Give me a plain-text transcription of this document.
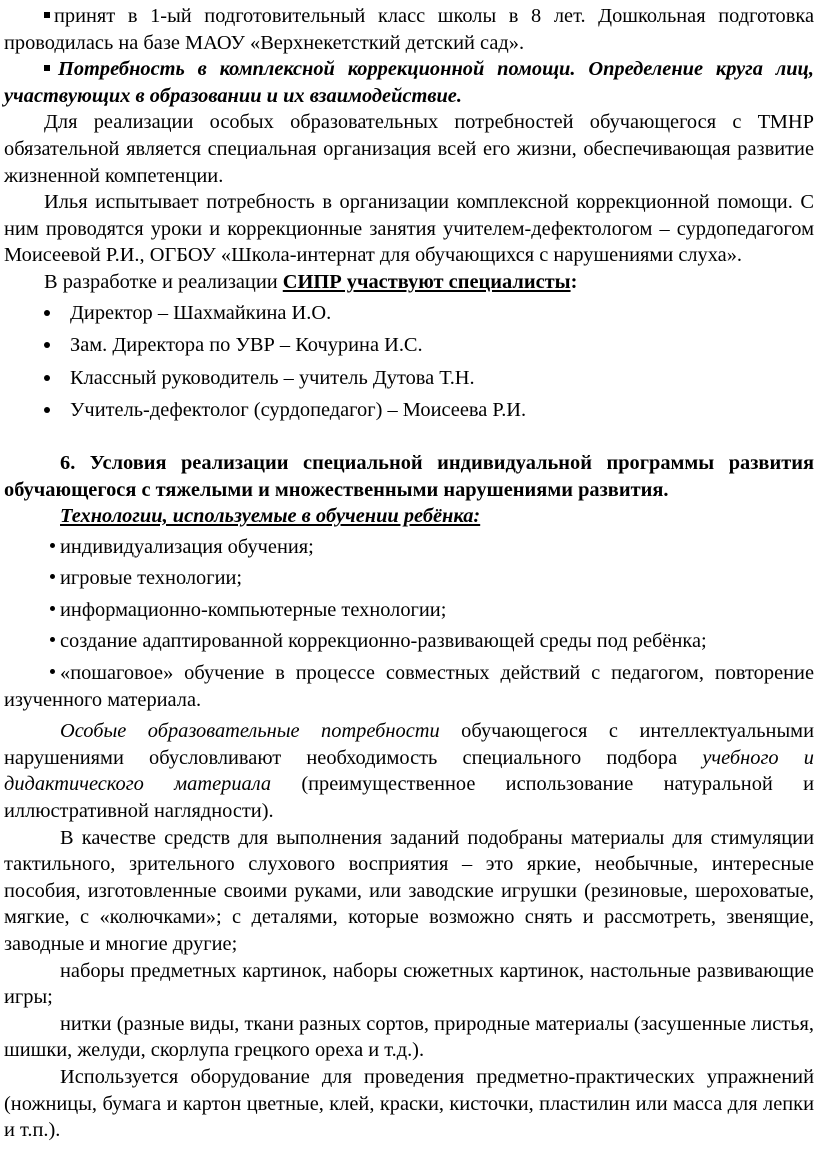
принят в 1-ый подготовительный класс школы в 8 лет. Дошкольная подготовка проводилась на базе МАОУ «Верхнекетсткий детский сад».

Потребность в комплексной коррекционной помощи. Определение круга лиц, участвующих в образовании и их взаимодействие.

Для реализации особых образовательных потребностей обучающегося с ТМНР обязательной является специальная организация всей его жизни, обеспечивающая развитие жизненной компетенции.

Илья испытывает потребность в организации комплексной коррекционной помощи. С ним проводятся уроки и коррекционные занятия учителем-дефектологом – сурдопедагогом Моисеевой Р.И., ОГБОУ «Школа-интернат для обучающихся с нарушениями слуха».

В разработке и реализации СИПР участвуют специалисты:

Директор – Шахмайкина И.О.
Зам. Директора по УВР – Кочурина И.С.
Классный руководитель – учитель Дутова Т.Н.
Учитель-дефектолог (сурдопедагог) – Моисеева Р.И.

6. Условия реализации специальной индивидуальной программы развития обучающегося с тяжелыми и множественными нарушениями развития.

Технологии, используемые в обучении ребёнка:

индивидуализация обучения;
игровые технологии;
информационно-компьютерные технологии;
создание адаптированной коррекционно-развивающей среды под ребёнка;
«пошаговое» обучение в процессе совместных действий с педагогом, повторение изученного материала.

Особые образовательные потребности обучающегося с интеллектуальными нарушениями обусловливают необходимость специального подбора учебного и дидактического материала (преимущественное использование натуральной и иллюстративной наглядности).

В качестве средств для выполнения заданий подобраны материалы для стимуляции тактильного, зрительного слухового восприятия – это яркие, необычные, интересные пособия, изготовленные своими руками, или заводские игрушки (резиновые, шероховатые, мягкие, с «колючками»; с деталями, которые возможно снять и рассмотреть, звенящие, заводные и многие другие;

наборы предметных картинок, наборы сюжетных картинок, настольные развивающие игры;

нитки (разные виды, ткани разных сортов, природные материалы (засушенные листья, шишки, желуди, скорлупа грецкого ореха и т.д.).

Используется оборудование для проведения предметно-практических упражнений (ножницы, бумага и картон цветные, клей, краски, кисточки, пластилин или масса для лепки и т.п.).
